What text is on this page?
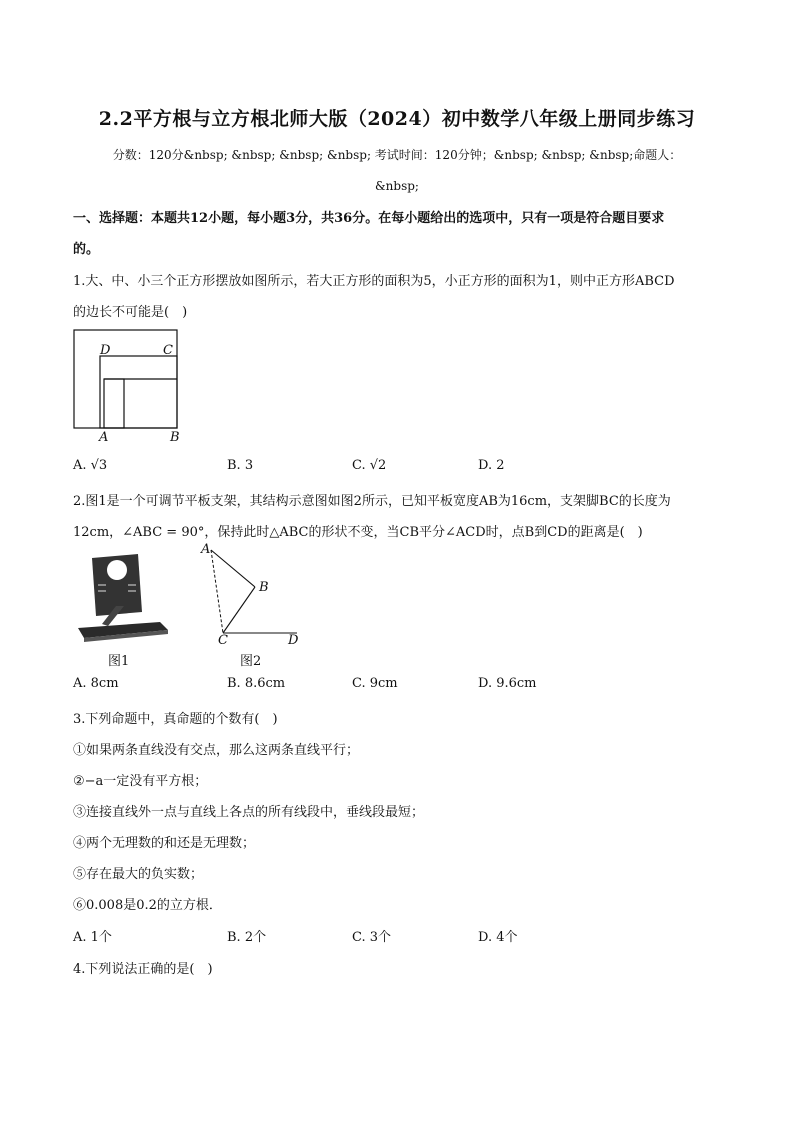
2.2平方根与立方根北师大版（2024）初中数学八年级上册同步练习
分数：120分&nbsp; &nbsp; &nbsp; &nbsp; 考试时间：120分钟；&nbsp; &nbsp; &nbsp;命题人：
&nbsp;
一、选择题：本题共12小题，每小题3分，共36分。在每小题给出的选项中，只有一项是符合题目要求
的。
1.大、中、小三个正方形摆放如图所示，若大正方形的面积为5，小正方形的面积为1，则中正方形ABCD
的边长不可能是(　)
D	C
A	B
A. √3	B. 3	C. √2	D. 2
2.图1是一个可调节平板支架，其结构示意图如图2所示，已知平板宽度AB为16cm，支架脚BC的长度为
12cm，∠ABC = 90°，保持此时△ABC的形状不变，当CB平分∠ACD时，点B到CD的距离是(　)
图1
A
B
C	D
图2
A. 8cm	B. 8.6cm	C. 9cm	D. 9.6cm
3.下列命题中，真命题的个数有(　)
①如果两条直线没有交点，那么这两条直线平行；
②−a一定没有平方根；
③连接直线外一点与直线上各点的所有线段中，垂线段最短；
④两个无理数的和还是无理数；
⑤存在最大的负实数；
⑥0.008是0.2的立方根．
A. 1个	B. 2个	C. 3个	D. 4个
4.下列说法正确的是(　)
